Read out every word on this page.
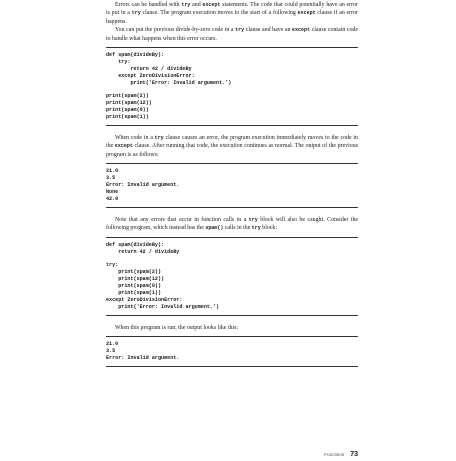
Errors can be handled with try and except statements. The code that could potentially have an error is put in a try clause. The program execution moves to the start of a following except clause if an error happens.

You can put the previous divide-by-zero code in a try clause and have an except clause contain code to handle what happens when this error occurs.

def spam(divideBy):
try:
return 42 / divideBy
except ZeroDivisionError:
print('Error: Invalid argument.')
print(spam(2))
print(spam(12))
print(spam(0))
print(spam(1))

When code in a try clause causes an error, the program execution immediately moves to the code in the except clause. After running that code, the execution continues as normal. The output of the previous program is as follows:

21.0
3.5
Error: Invalid argument.
None
42.0

Note that any errors that occur in function calls in a try block will also be caught. Consider the following program, which instead has the spam() calls in the try block:

def spam(divideBy):
return 42 / divideBy
try:
print(spam(2))
print(spam(12))
print(spam(0))
print(spam(1))
except ZeroDivisionError:
print('Error: Invalid argument.')

When this program is run, the output looks like this:

21.0
3.5
Error: Invalid argument.
Functions 73
